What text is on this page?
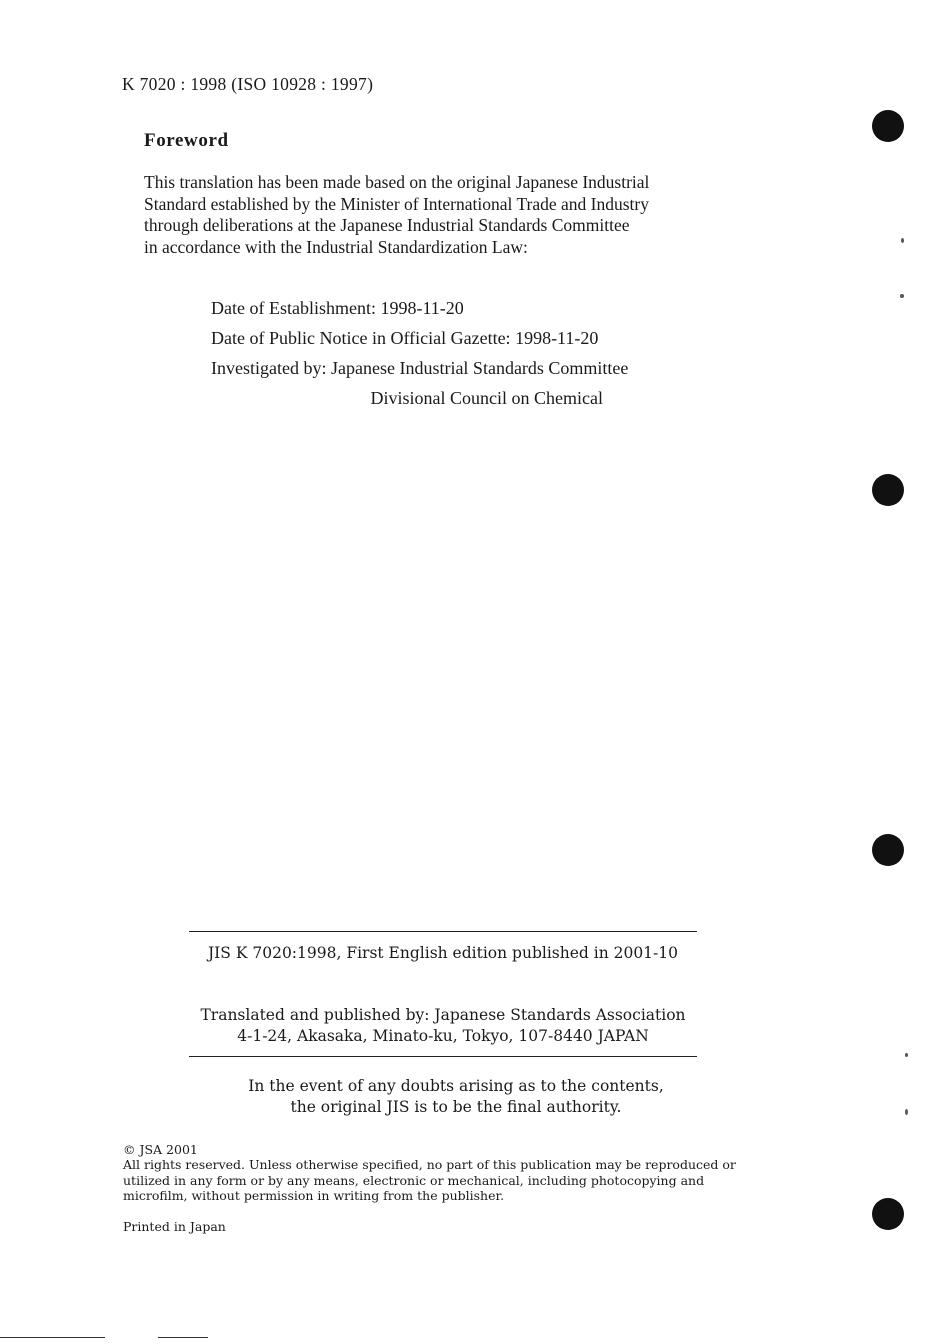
K 7020 : 1998 (ISO 10928 : 1997)
Foreword
This translation has been made based on the original Japanese Industrial
Standard established by the Minister of International Trade and Industry
through deliberations at the Japanese Industrial Standards Committee
in accordance with the Industrial Standardization Law:
Date of Establishment: 1998-11-20
Date of Public Notice in Official Gazette: 1998-11-20
Investigated by: Japanese Industrial Standards Committee
Divisional Council on Chemical
JIS K 7020:1998, First English edition published in 2001-10
Translated and published by: Japanese Standards Association
4-1-24, Akasaka, Minato-ku, Tokyo, 107-8440 JAPAN
In the event of any doubts arising as to the contents,
the original JIS is to be the final authority.
© JSA 2001
All rights reserved. Unless otherwise specified, no part of this publication may be reproduced or
utilized in any form or by any means, electronic or mechanical, including photocopying and
microfilm, without permission in writing from the publisher.
Printed in Japan
